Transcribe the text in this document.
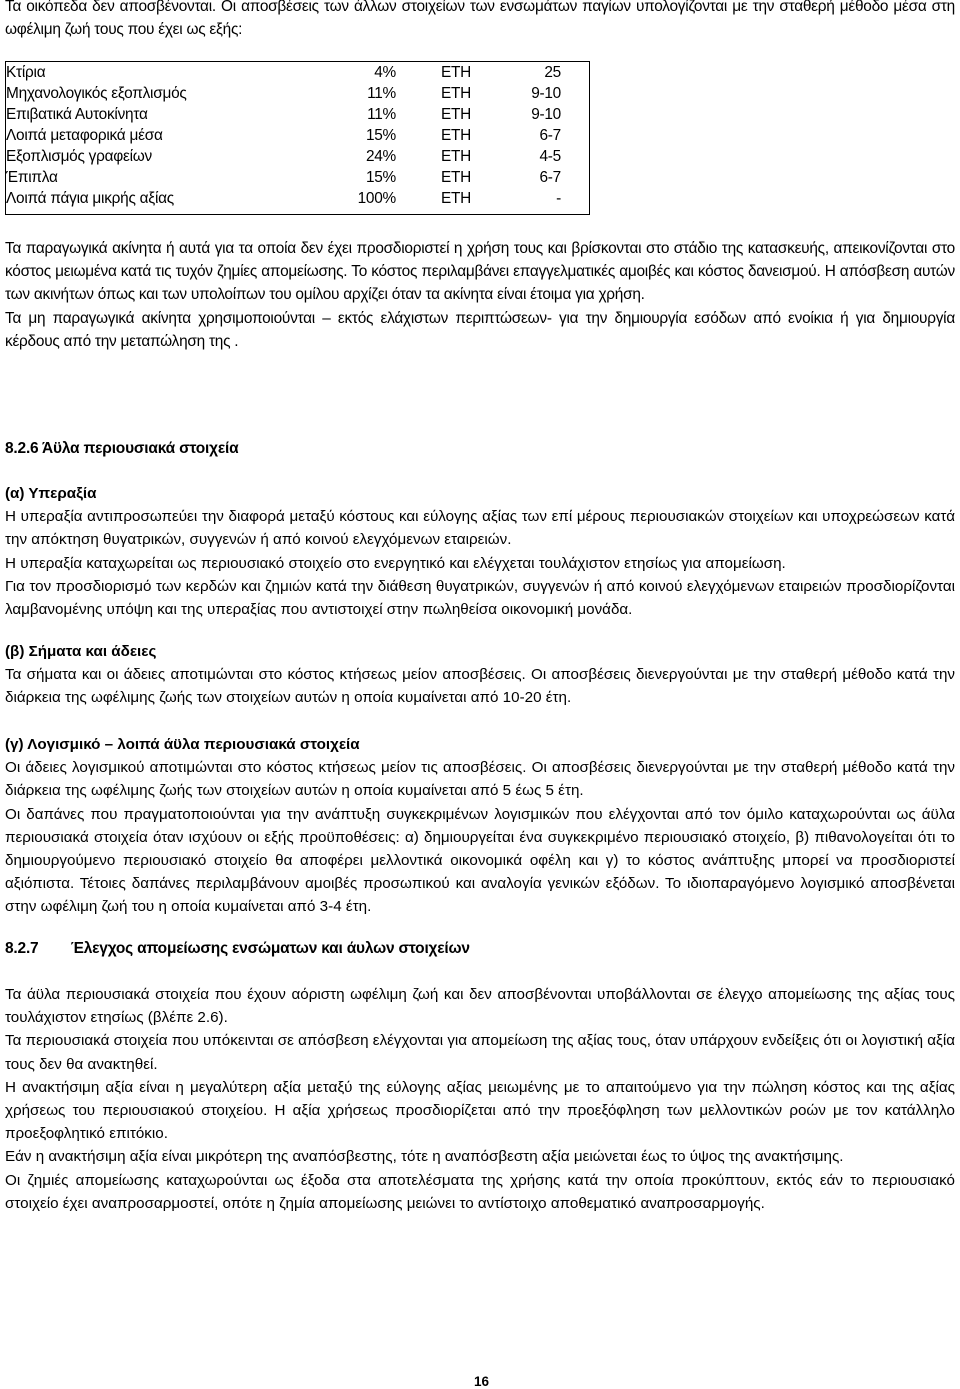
Τα οικόπεδα δεν αποσβένονται. Οι αποσβέσεις των άλλων στοιχείων των ενσωμάτων παγίων υπολογίζονται με την σταθερή μέθοδο μέσα στη ωφέλιμη ζωή τους που έχει ως εξής:

Κτίρια	4%	ΕΤΗ	25
Μηχανολογικός εξοπλισμός	11%	ΕΤΗ	9-10
Επιβατικά Αυτοκίνητα	11%	ΕΤΗ	9-10
Λοιπά μεταφορικά μέσα	15%	ΕΤΗ	6-7
Εξοπλισμός γραφείων	24%	ΕΤΗ	4-5
Έπιπλα	15%	ΕΤΗ	6-7
Λοιπά πάγια μικρής αξίας	100%	ΕΤΗ	-

Τα παραγωγικά ακίνητα ή αυτά για τα οποία δεν έχει προσδιοριστεί η χρήση τους και βρίσκονται στο στάδιο της κατασκευής, απεικονίζονται στο κόστος μειωμένα κατά τις τυχόν ζημίες απομείωσης. Το κόστος περιλαμβάνει επαγγελματικές αμοιβές και κόστος δανεισμού. Η απόσβεση αυτών των ακινήτων όπως και των υπολοίπων του ομίλου αρχίζει όταν τα ακίνητα είναι έτοιμα για χρήση.

Τα μη παραγωγικά ακίνητα χρησιμοποιούνται – εκτός ελάχιστων περιπτώσεων- για την δημιουργία εσόδων από ενοίκια ή για δημιουργία κέρδους από την μεταπώληση της .

8.2.6 Άϋλα περιουσιακά στοιχεία

(α) Υπεραξία

Η υπεραξία αντιπροσωπεύει την διαφορά μεταξύ κόστους και εύλογης αξίας των επί μέρους περιουσιακών στοιχείων και υποχρεώσεων κατά την απόκτηση θυγατρικών, συγγενών ή από κοινού ελεγχόμενων εταιρειών.

Η υπεραξία καταχωρείται ως περιουσιακό στοιχείο στο ενεργητικό και ελέγχεται τουλάχιστον ετησίως για απομείωση.

Για τον προσδιορισμό των κερδών και ζημιών κατά την διάθεση θυγατρικών, συγγενών ή από κοινού ελεγχόμενων εταιρειών προσδιορίζονται λαμβανομένης υπόψη και της υπεραξίας που αντιστοιχεί στην πωληθείσα οικονομική μονάδα.

(β) Σήματα και άδειες

Τα σήματα και οι άδειες αποτιμώνται στο κόστος κτήσεως μείον αποσβέσεις. Οι αποσβέσεις διενεργούνται με την σταθερή μέθοδο κατά την διάρκεια της ωφέλιμης ζωής των στοιχείων αυτών η οποία κυμαίνεται από 10-20 έτη.

(γ) Λογισμικό – λοιπά άϋλα περιουσιακά στοιχεία

Οι άδειες λογισμικού αποτιμώνται στο κόστος κτήσεως μείον τις αποσβέσεις. Οι αποσβέσεις διενεργούνται με την σταθερή μέθοδο κατά την διάρκεια της ωφέλιμης ζωής των στοιχείων αυτών η οποία κυμαίνεται από 5 έως 5 έτη.

Οι δαπάνες που πραγματοποιούνται για την ανάπτυξη συγκεκριμένων λογισμικών που ελέγχονται από τον όμιλο καταχωρούνται ως άϋλα περιουσιακά στοιχεία όταν ισχύουν οι εξής προϋποθέσεις: α) δημιουργείται ένα συγκεκριμένο περιουσιακό στοιχείο, β) πιθανολογείται ότι το δημιουργούμενο περιουσιακό στοιχείο θα αποφέρει μελλοντικά οικονομικά οφέλη και γ) το κόστος ανάπτυξης μπορεί να προσδιοριστεί αξιόπιστα. Τέτοιες δαπάνες περιλαμβάνουν αμοιβές προσωπικού και αναλογία γενικών εξόδων. Το ιδιοπαραγόμενο λογισμικό αποσβένεται στην ωφέλιμη ζωή του η οποία κυμαίνεται από 3-4 έτη.

8.2.7 Έλεγχος απομείωσης ενσώματων και άυλων στοιχείων

Τα άϋλα περιουσιακά στοιχεία που έχουν αόριστη ωφέλιμη ζωή και δεν αποσβένονται υποβάλλονται σε έλεγχο απομείωσης της αξίας τους τουλάχιστον ετησίως (βλέπε 2.6).

Τα περιουσιακά στοιχεία που υπόκεινται σε απόσβεση ελέγχονται για απομείωση της αξίας τους, όταν υπάρχουν ενδείξεις ότι οι λογιστική αξία τους δεν θα ανακτηθεί.

Η ανακτήσιμη αξία είναι η μεγαλύτερη αξία μεταξύ της εύλογης αξίας μειωμένης με το απαιτούμενο για την πώληση κόστος και της αξίας χρήσεως του περιουσιακού στοιχείου. Η αξία χρήσεως προσδιορίζεται από την προεξόφληση των μελλοντικών ροών με τον κατάλληλο προεξοφλητικό επιτόκιο.

Εάν η ανακτήσιμη αξία είναι μικρότερη της αναπόσβεστης, τότε η αναπόσβεστη αξία μειώνεται έως το ύψος της ανακτήσιμης.

Οι ζημιές απομείωσης καταχωρούνται ως έξοδα στα αποτελέσματα της χρήσης κατά την οποία προκύπτουν, εκτός εάν το περιουσιακό στοιχείο έχει αναπροσαρμοστεί, οπότε η ζημία απομείωσης μειώνει το αντίστοιχο αποθεματικό αναπροσαρμογής.

16
